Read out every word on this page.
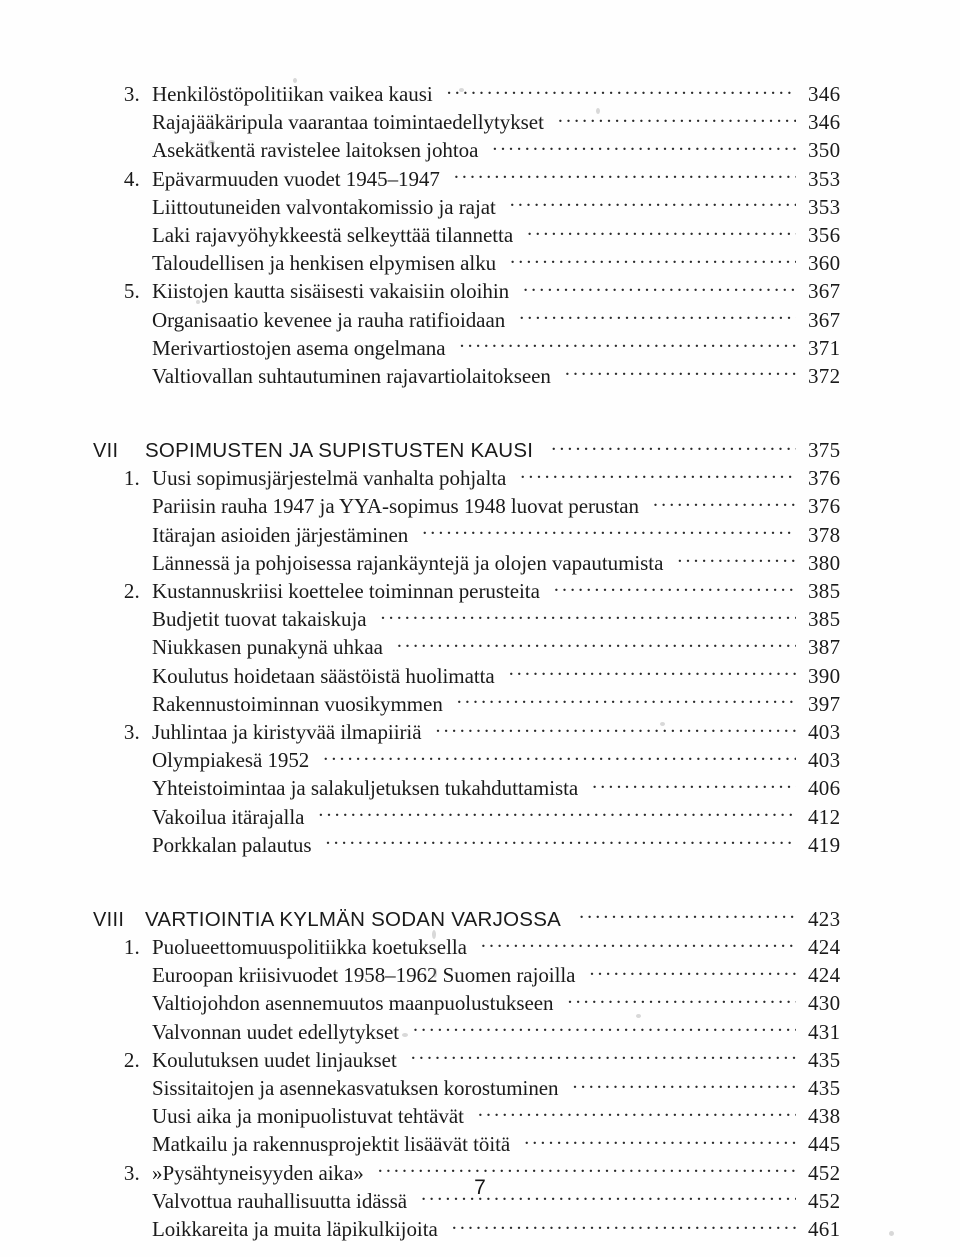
3. Henkilöstöpolitiikan vaikea kausi .....	346

Rajajääkäripula vaarantaa toimintaedellytykset .....	346

Asekätkentä ravistelee laitoksen johtoa .....	350
4. Epävarmuuden vuodet 1945–1947 .....	353

Liittoutuneiden valvontakomissio ja rajat .....	353

Laki rajavyöhykkeestä selkeyttää tilannetta .....	356

Taloudellisen ja henkisen elpymisen alku .....	360
5. Kiistojen kautta sisäisesti vakaisiin oloihin .....	367

Organisaatio kevenee ja rauha ratifioidaan .....	367

Merivartiostojen asema ongelmana .....	371

Valtiovallan suhtautuminen rajavartiolaitokseen .....	372
VII	SOPIMUSTEN JA SUPISTUSTEN KAUSI .....	375
1. Uusi sopimusjärjestelmä vanhalta pohjalta .....	376

Pariisin rauha 1947 ja YYA-sopimus 1948 luovat perustan .....	376

Itärajan asioiden järjestäminen .....	378

Lännessä ja pohjoisessa rajankäyntejä ja olojen vapautumista .....	380
2. Kustannuskriisi koettelee toiminnan perusteita .....	385

Budjetit tuovat takaiskuja .....	385

Niukkasen punakynä uhkaa .....	387

Koulutus hoidetaan säästöistä huolimatta .....	390

Rakennustoiminnan vuosikymmen .....	397
3. Juhlintaa ja kiristyvää ilmapiiriä .....	403

Olympiakesä 1952 .....	403

Yhteistoimintaa ja salakuljetuksen tukahduttamista .....	406

Vakoilua itärajalla .....	412

Porkkalan palautus .....	419
VIII	VARTIOINTIA KYLMÄN SODAN VARJOSSA .....	423
1. Puolueettomuuspolitiikka koetuksella .....	424

Euroopan kriisivuodet 1958–1962 Suomen rajoilla .....	424

Valtiojohdon asennemuutos maanpuolustukseen .....	430

Valvonnan uudet edellytykset .....	431
2. Koulutuksen uudet linjaukset .....	435

Sissitaitojen ja asennekasvatuksen korostuminen .....	435

Uusi aika ja monipuolistuvat tehtävät .....	438

Matkailu ja rakennusprojektit lisäävät töitä .....	445
3. »Pysähtyneisyyden aika» .....	452

Valvottua rauhallisuutta idässä .....	452

Loikkareita ja muita läpikulkijoita .....	461
7
